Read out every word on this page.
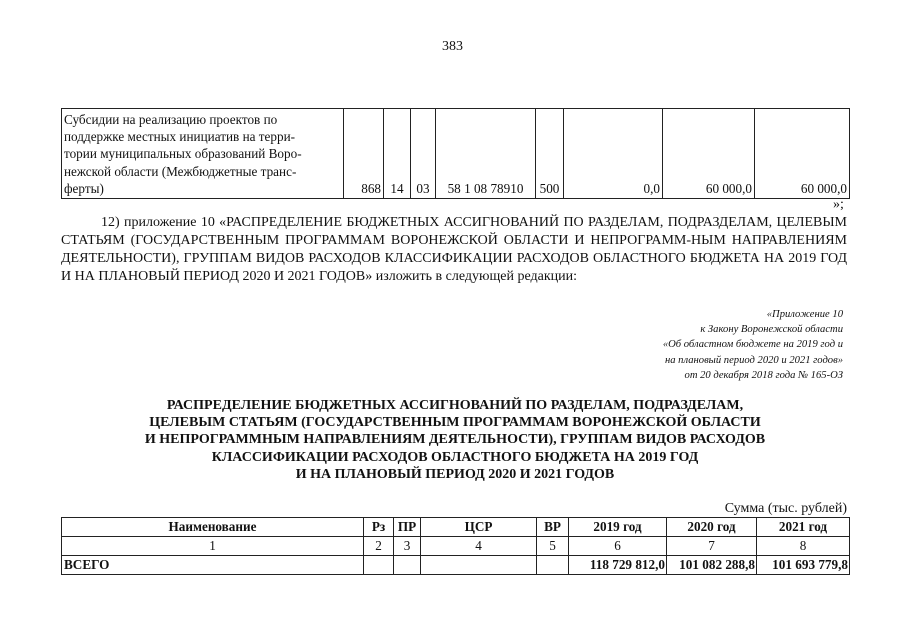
383
Субсидии на реализацию проектов по
поддержке местных инициатив на терри-
тории муниципальных образований Воро-
нежской области (Межбюджетные транс-
ферты)	868	14	03	58 1 08 78910	500	0,0	60 000,0	60 000,0
»;
12) приложение 10 «РАСПРЕДЕЛЕНИЕ БЮДЖЕТНЫХ АССИГНОВАНИЙ ПО РАЗДЕЛАМ, ПОДРАЗДЕЛАМ, ЦЕЛЕВЫМ СТАТЬЯМ (ГОСУДАРСТВЕННЫМ ПРОГРАММАМ ВОРОНЕЖСКОЙ ОБЛАСТИ И НЕПРОГРАММ-НЫМ НАПРАВЛЕНИЯМ ДЕЯТЕЛЬНОСТИ), ГРУППАМ ВИДОВ РАСХОДОВ КЛАССИФИКАЦИИ РАСХОДОВ ОБЛАСТНОГО БЮДЖЕТА НА 2019 ГОД И НА ПЛАНОВЫЙ ПЕРИОД 2020 И 2021 ГОДОВ» изложить в следующей редакции:
«Приложение 10
к Закону Воронежской области
«Об областном бюджете на 2019 год и
на плановый период 2020 и 2021 годов»
от 20 декабря 2018 года № 165-ОЗ
РАСПРЕДЕЛЕНИЕ БЮДЖЕТНЫХ АССИГНОВАНИЙ ПО РАЗДЕЛАМ, ПОДРАЗДЕЛАМ,
ЦЕЛЕВЫМ СТАТЬЯМ (ГОСУДАРСТВЕННЫМ ПРОГРАММАМ ВОРОНЕЖСКОЙ ОБЛАСТИ
И НЕПРОГРАММНЫМ НАПРАВЛЕНИЯМ ДЕЯТЕЛЬНОСТИ), ГРУППАМ ВИДОВ РАСХОДОВ
КЛАССИФИКАЦИИ РАСХОДОВ ОБЛАСТНОГО БЮДЖЕТА НА 2019 ГОД
И НА ПЛАНОВЫЙ ПЕРИОД 2020 И 2021 ГОДОВ
Сумма (тыс. рублей)
Наименование	Рз	ПР	ЦСР	ВР	2019 год	2020 год	2021 год
1	2	3	4	5	6	7	8
ВСЕГО					118 729 812,0	101 082 288,8	101 693 779,8
